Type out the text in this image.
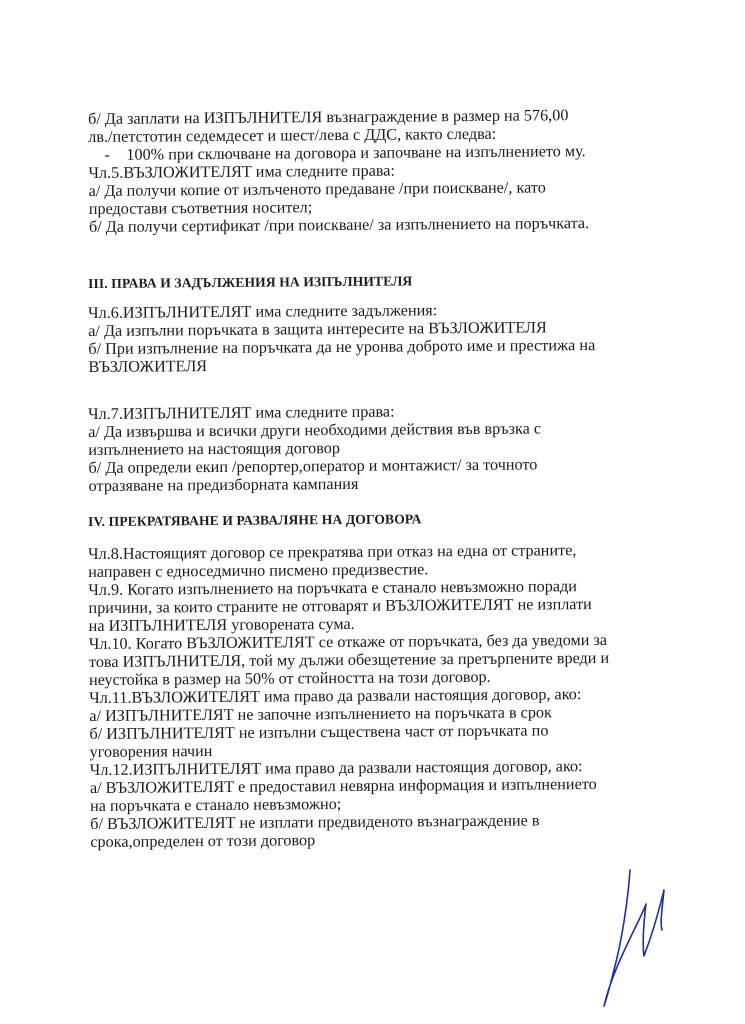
б/ Да заплати на ИЗПЪЛНИТЕЛЯ възнаграждение в размер на 576,00
лв./петстотин седемдесет и шест/лева с ДДС, както следва:
- 100% при сключване на договора и започване на изпълнението му.
Чл.5.ВЪЗЛОЖИТЕЛЯТ има следните права:
а/ Да получи копие от излъченото предаване /при поискване/, като
предостави съответния носител;
б/ Да получи сертификат /при поискване/ за изпълнението на поръчката.
III. ПРАВА И ЗАДЪЛЖЕНИЯ НА ИЗПЪЛНИТЕЛЯ
Чл.6.ИЗПЪЛНИТЕЛЯТ има следните задължения:
а/ Да изпълни поръчката в защита интересите на ВЪЗЛОЖИТЕЛЯ
б/ При изпълнение на поръчката да не уронва доброто име и престижа на
ВЪЗЛОЖИТЕЛЯ
Чл.7.ИЗПЪЛНИТЕЛЯТ има следните права:
а/ Да извършва и всички други необходими действия във връзка с
изпълнението на настоящия договор
б/ Да определи екип /репортер,оператор и монтажист/ за точното
отразяване на предизборната кампания
IV. ПРЕКРАТЯВАНЕ И РАЗВАЛЯНЕ НА ДОГОВОРА
Чл.8.Настоящият договор се прекратява при отказ на една от страните,
направен с едноседмично писмено предизвестие.
Чл.9. Когато изпълнението на поръчката е станало невъзможно поради
причини, за които страните не отговарят и ВЪЗЛОЖИТЕЛЯТ не изплати
на ИЗПЪЛНИТЕЛЯ уговорената сума.
Чл.10. Когато ВЪЗЛОЖИТЕЛЯТ се откаже от поръчката, без да уведоми за
това ИЗПЪЛНИТЕЛЯ, той му дължи обезщетение за претърпените вреди и
неустойка в размер на 50% от стойността на този договор.
Чл.11.ВЪЗЛОЖИТЕЛЯТ има право да развали настоящия договор, ако:
а/ ИЗПЪЛНИТЕЛЯТ не започне изпълнението на поръчката в срок
б/ ИЗПЪЛНИТЕЛЯТ не изпълни съществена част от поръчката по
уговорения начин
Чл.12.ИЗПЪЛНИТЕЛЯТ има право да развали настоящия договор, ако:
а/ ВЪЗЛОЖИТЕЛЯТ е предоставил невярна информация и изпълнението
на поръчката е станало невъзможно;
б/ ВЪЗЛОЖИТЕЛЯТ не изплати предвиденото възнаграждение в
срока,определен от този договор
